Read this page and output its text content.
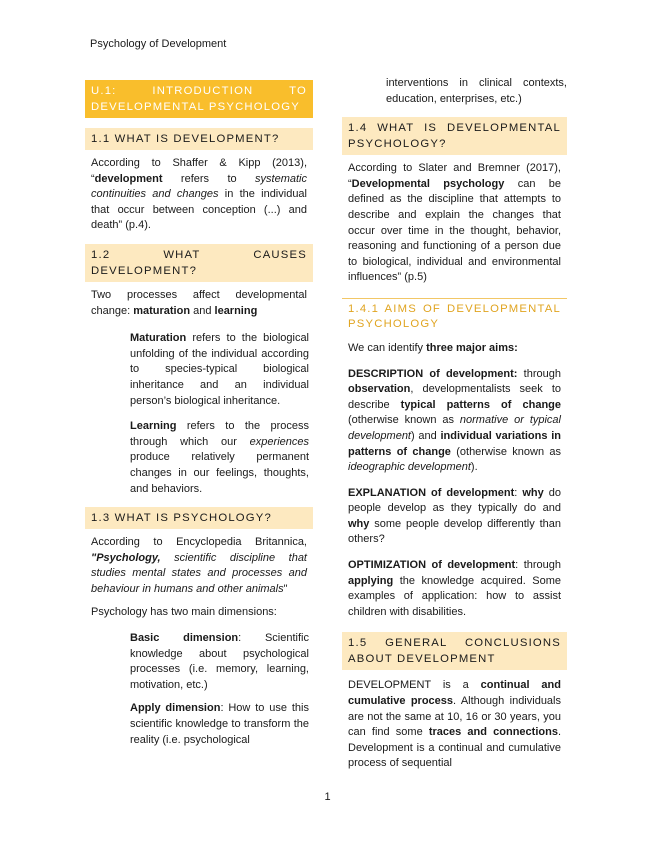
Psychology of Development
U.1: INTRODUCTION TO DEVELOPMENTAL PSYCHOLOGY
1.1 WHAT IS DEVELOPMENT?

According to Shaffer & Kipp (2013), “development refers to systematic continuities and changes in the individual that occur between conception (...) and death” (p.4).

1.2 WHAT CAUSES DEVELOPMENT?

Two processes affect developmental change: maturation and learning

Maturation refers to the biological unfolding of the individual according to species-typical biological inheritance and an individual person’s biological inheritance.

Learning refers to the process through which our experiences produce relatively permanent changes in our feelings, thoughts, and behaviors.

1.3 WHAT IS PSYCHOLOGY?

According to Encyclopedia Britannica, "Psychology, scientific discipline that studies mental states and processes and behaviour in humans and other animals"

Psychology has two main dimensions:

Basic dimension: Scientific knowledge about psychological processes (i.e. memory, learning, motivation, etc.)

Apply dimension: How to use this scientific knowledge to transform the reality (i.e. psychological

interventions in clinical contexts, education, enterprises, etc.)

1.4 WHAT IS DEVELOPMENTAL PSYCHOLOGY?

According to Slater and Bremner (2017), “Developmental psychology can be defined as the discipline that attempts to describe and explain the changes that occur over time in the thought, behavior, reasoning and functioning of a person due to biological, individual and environmental influences” (p.5)

1.4.1 AIMS OF DEVELOPMENTAL PSYCHOLOGY

We can identify three major aims:

DESCRIPTION of development: through observation, developmentalists seek to describe typical patterns of change (otherwise known as normative or typical development) and individual variations in patterns of change (otherwise known as ideographic development).

EXPLANATION of development: why do people develop as they typically do and why some people develop differently than others?

OPTIMIZATION of development: through applying the knowledge acquired. Some examples of application: how to assist children with disabilities.

1.5 GENERAL CONCLUSIONS ABOUT DEVELOPMENT

DEVELOPMENT is a continual and cumulative process. Although individuals are not the same at 10, 16 or 30 years, you can find some traces and connections. Development is a continual and cumulative process of sequential

1
